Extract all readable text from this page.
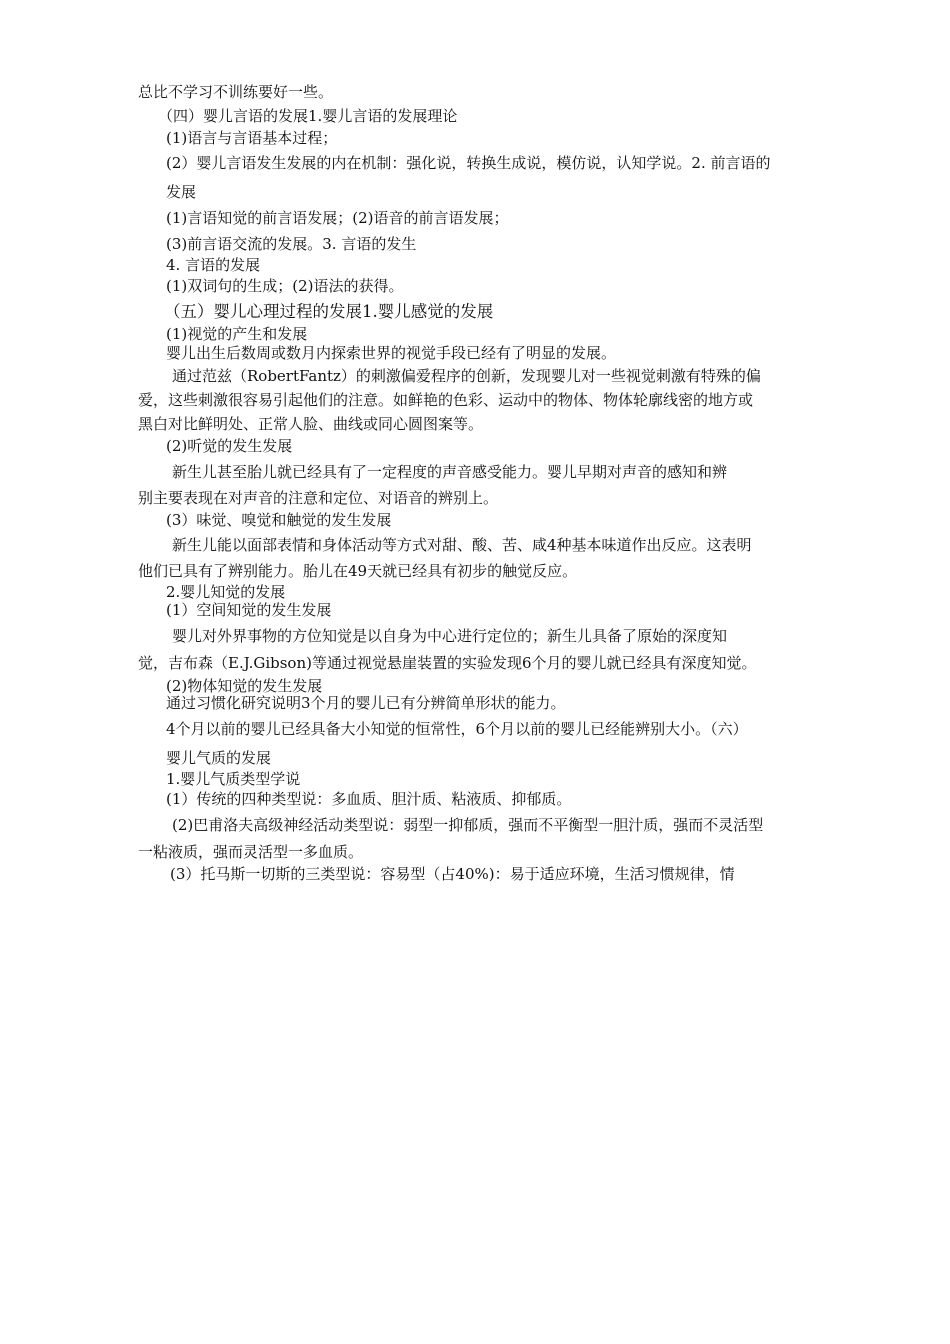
总比不学习不训练要好一些。
（四）婴儿言语的发展1.婴儿言语的发展理论
(1)语言与言语基本过程；
(2）婴儿言语发生发展的内在机制：强化说，转换生成说，模仿说，认知学说。2. 前言语的
发展
(1)言语知觉的前言语发展；(2)语音的前言语发展；
(3)前言语交流的发展。3. 言语的发生
4. 言语的发展
(1)双词句的生成；(2)语法的获得。
（五）婴儿心理过程的发展1.婴儿感觉的发展
(1)视觉的产生和发展
婴儿出生后数周或数月内探索世界的视觉手段已经有了明显的发展。
通过范兹（RobertFantz）的刺激偏爱程序的创新，发现婴儿对一些视觉刺激有特殊的偏
爱，这些刺激很容易引起他们的注意。如鲜艳的色彩、运动中的物体、物体轮廓线密的地方或
黑白对比鲜明处、正常人脸、曲线或同心圆图案等。
(2)听觉的发生发展
新生儿甚至胎儿就已经具有了一定程度的声音感受能力。婴儿早期对声音的感知和辨
别主要表现在对声音的注意和定位、对语音的辨别上。
(3）味觉、嗅觉和触觉的发生发展
新生儿能以面部表情和身体活动等方式对甜、酸、苦、咸4种基本味道作出反应。这表明
他们已具有了辨别能力。胎儿在49天就已经具有初步的触觉反应。
2.婴儿知觉的发展
(1）空间知觉的发生发展
婴儿对外界事物的方位知觉是以自身为中心进行定位的；新生儿具备了原始的深度知
觉，吉布森（E.J.Gibson)等通过视觉悬崖装置的实验发现6个月的婴儿就已经具有深度知觉。
(2)物体知觉的发生发展
通过习惯化研究说明3个月的婴儿已有分辨简单形状的能力。
4个月以前的婴儿已经具备大小知觉的恒常性，6个月以前的婴儿已经能辨别大小。（六）
婴儿气质的发展
1.婴儿气质类型学说
(1）传统的四种类型说：多血质、胆汁质、粘液质、抑郁质。
(2)巴甫洛夫高级神经活动类型说：弱型一抑郁质，强而不平衡型一胆汁质，强而不灵活型
一粘液质，强而灵活型一多血质。
(3）托马斯一切斯的三类型说：容易型（占40%)：易于适应环境，生活习惯规律，情
